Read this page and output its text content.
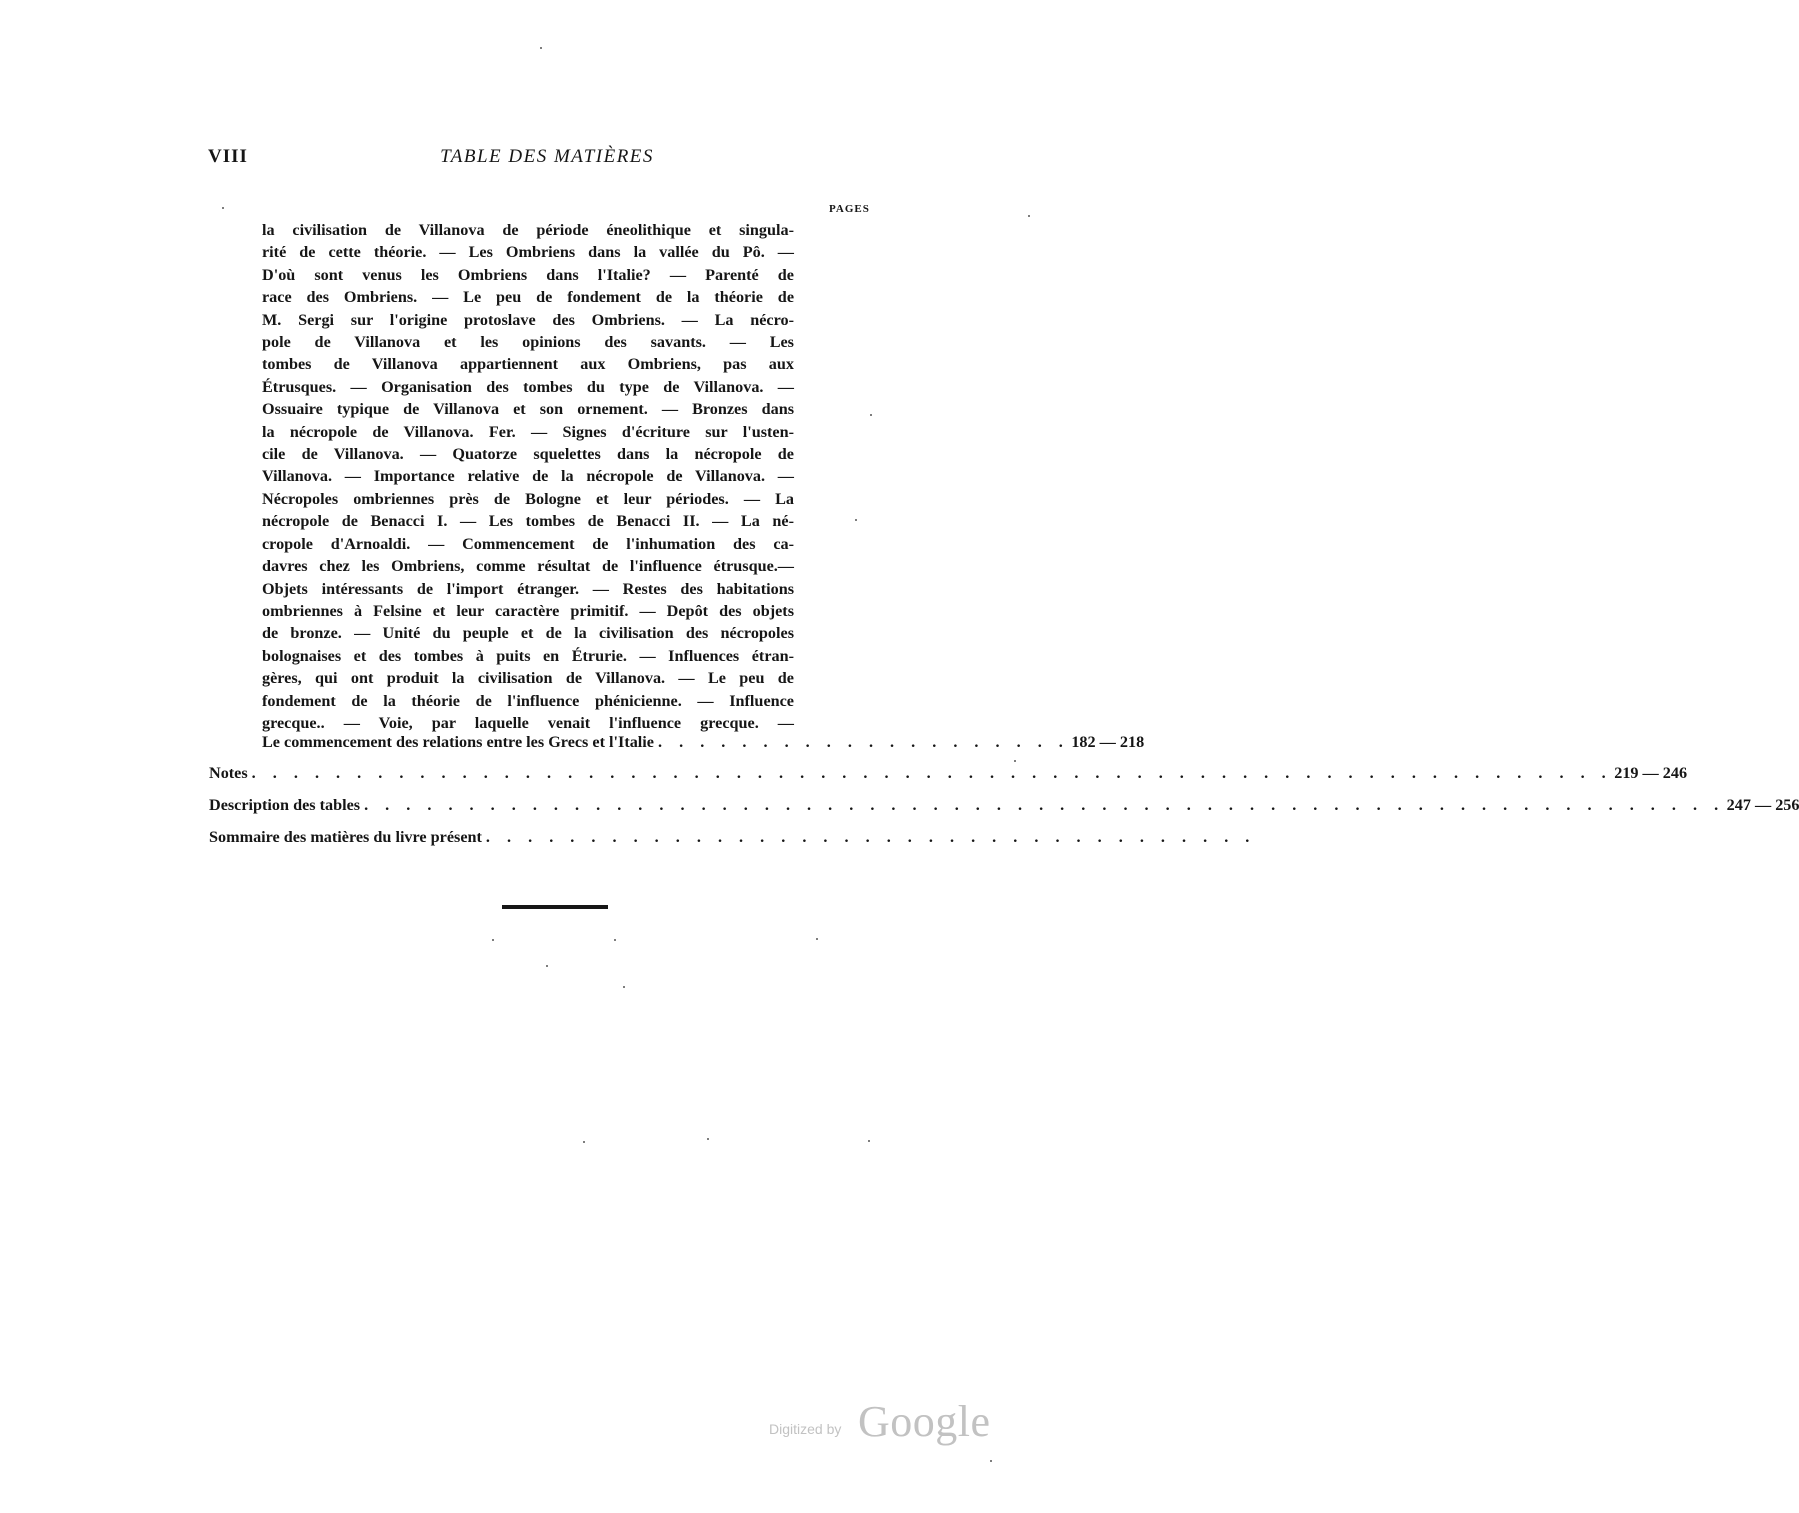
VIII	TABLE DES MATIÈRES
PAGES
la civilisation de Villanova de période éneolithique et singula-
rité de cette théorie. — Les Ombriens dans la vallée du Pô. —
D'où sont venus les Ombriens dans l'Italie? — Parenté de
race des Ombriens. — Le peu de fondement de la théorie de
M. Sergi sur l'origine protoslave des Ombriens. — La nécro-
pole de Villanova et les opinions des savants. — Les
tombes de Villanova appartiennent aux Ombriens, pas aux
Étrusques. — Organisation des tombes du type de Villanova. —
Ossuaire typique de Villanova et son ornement. — Bronzes dans
la nécropole de Villanova. Fer. — Signes d'écriture sur l'usten-
cile de Villanova. — Quatorze squelettes dans la nécropole de
Villanova. — Importance relative de la nécropole de Villanova. —
Nécropoles ombriennes près de Bologne et leur périodes. — La
nécropole de Benacci I. — Les tombes de Benacci II. — La né-
cropole d'Arnoaldi. — Commencement de l'inhumation des ca-
davres chez les Ombriens, comme résultat de l'influence étrusque.—
Objets intéressants de l'import étranger. — Restes des habitations
ombriennes à Felsine et leur caractère primitif. — Depôt des objets
de bronze. — Unité du peuple et de la civilisation des nécropoles
bolognaises et des tombes à puits en Étrurie. — Influences étran-
gères, qui ont produit la civilisation de Villanova. — Le peu de
fondement de la théorie de l'influence phénicienne. — Influence
grecque.. — Voie, par laquelle venait l'influence grecque. —
Le commencement des relations entre les Grecs et l'Italie . . . . . . . . . . . . . . . . . . . . 182 — 218
Notes . . . . . . . . . . . . . . . . . . . . . . . . . . . . . . . . . . . . . . . . . . . . . . . . . . . . . . . . . . . . . . . . . 219 — 246
Description des tables . . . . . . . . . . . . . . . . . . . . . . . . . . . . . . . . . . . . . . . . . . . . . . . . . . . . . . . . . . . . . . . . . 247 — 256
Sommaire des matières du livre présent . . . . . . . . . . . . . . . . . . . . . . . . . . . . . . . . . . . . .
Digitized by Google
